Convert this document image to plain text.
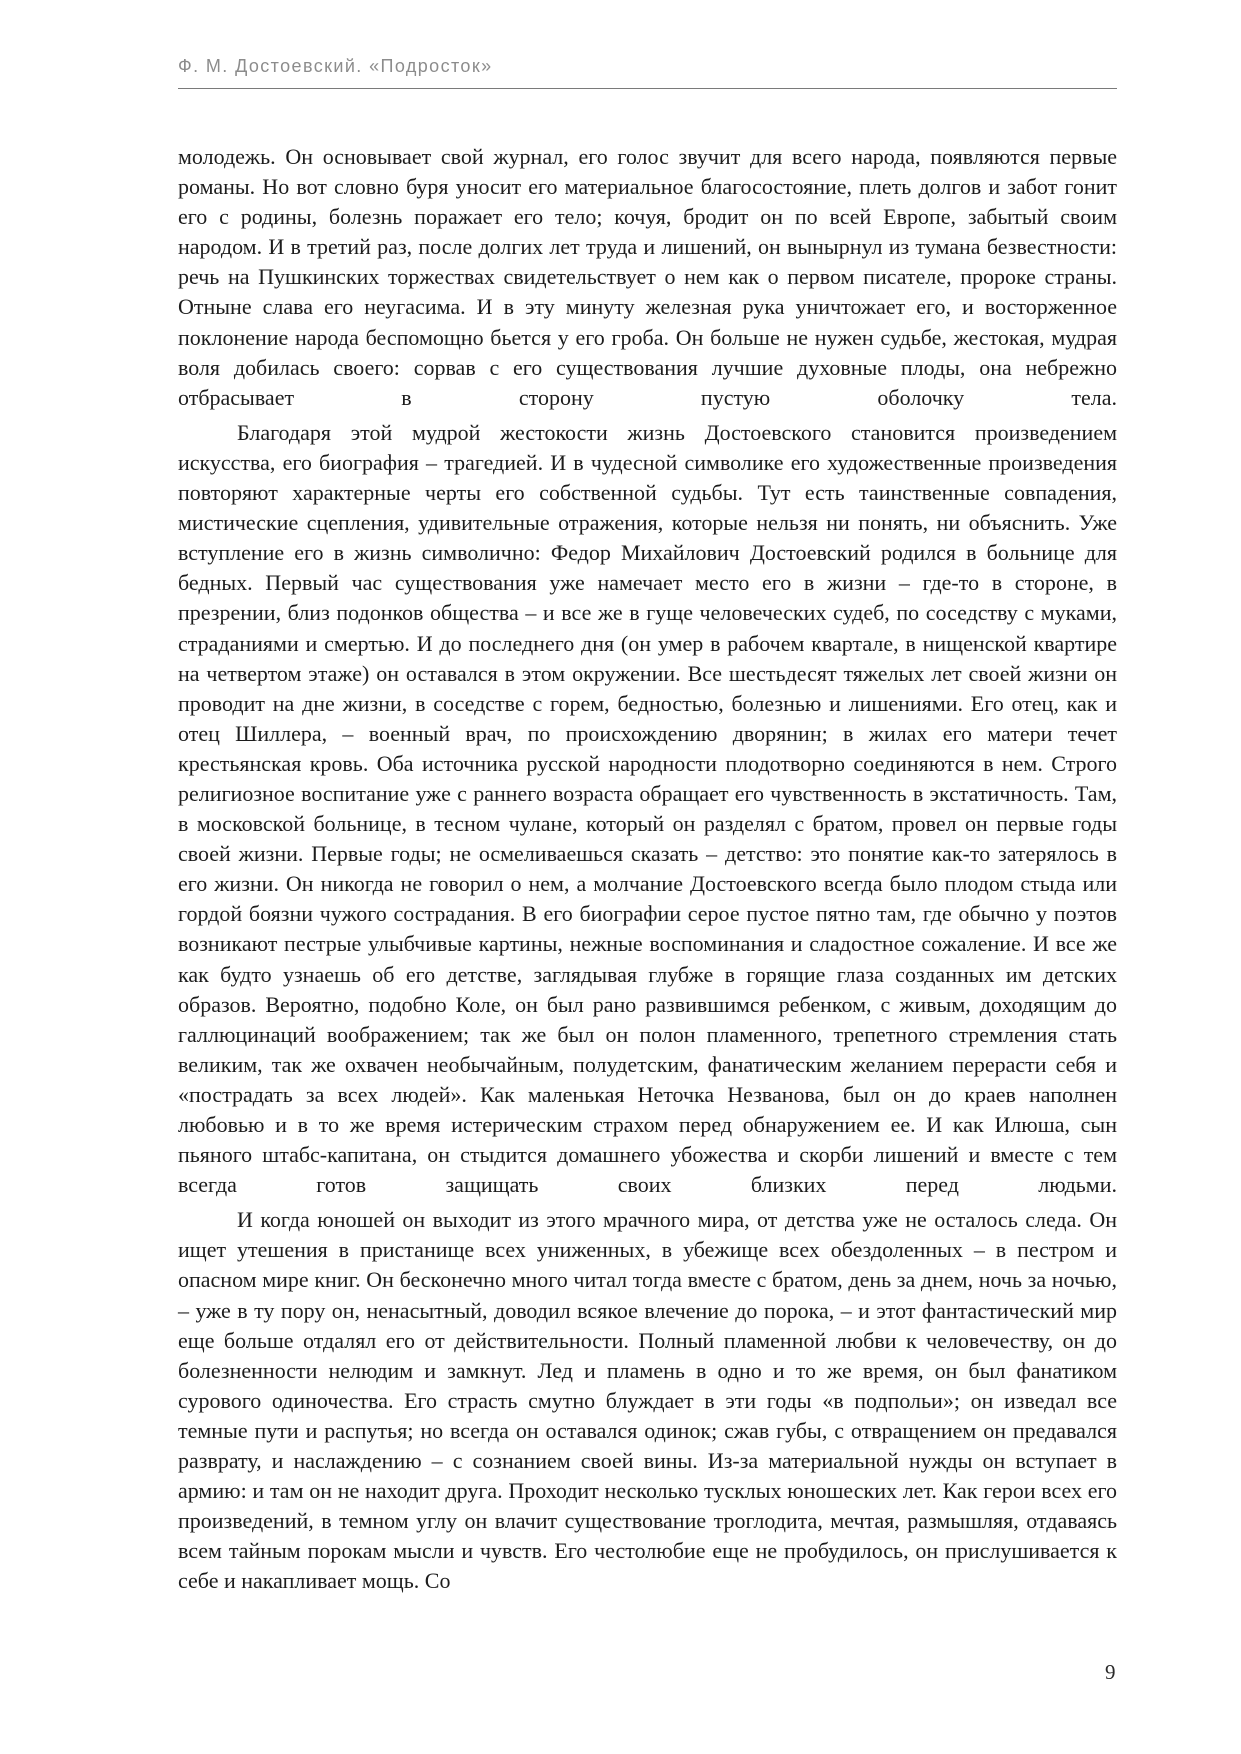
Ф. М. Достоевский. «Подросток»

молодежь. Он основывает свой журнал, его голос звучит для всего народа, появляются первые романы. Но вот словно буря уносит его материальное благосостояние, плеть долгов и забот гонит его с родины, болезнь поражает его тело; кочуя, бродит он по всей Европе, забытый своим народом. И в третий раз, после долгих лет труда и лишений, он вынырнул из тумана безвестности: речь на Пушкинских торжествах свидетельствует о нем как о первом писателе, пророке страны. Отныне слава его неугасима. И в эту минуту железная рука уничтожает его, и восторженное поклонение народа беспомощно бьется у его гроба. Он больше не нужен судьбе, жестокая, мудрая воля добилась своего: сорвав с его существования лучшие духовные плоды, она небрежно отбрасывает в сторону пустую оболочку тела.

Благодаря этой мудрой жестокости жизнь Достоевского становится произведением искусства, его биография – трагедией. И в чудесной символике его художественные произведения повторяют характерные черты его собственной судьбы. Тут есть таинственные совпадения, мистические сцепления, удивительные отражения, которые нельзя ни понять, ни объяснить. Уже вступление его в жизнь символично: Федор Михайлович Достоевский родился в больнице для бедных. Первый час существования уже намечает место его в жизни – где-то в стороне, в презрении, близ подонков общества – и все же в гуще человеческих судеб, по соседству с муками, страданиями и смертью. И до последнего дня (он умер в рабочем квартале, в нищенской квартире на четвертом этаже) он оставался в этом окружении. Все шестьдесят тяжелых лет своей жизни он проводит на дне жизни, в соседстве с горем, бедностью, болезнью и лишениями. Его отец, как и отец Шиллера, – военный врач, по происхождению дворянин; в жилах его матери течет крестьянская кровь. Оба источника русской народности плодотворно соединяются в нем. Строго религиозное воспитание уже с раннего возраста обращает его чувственность в экстатичность. Там, в московской больнице, в тесном чулане, который он разделял с братом, провел он первые годы своей жизни. Первые годы; не осмеливаешься сказать – детство: это понятие как-то затерялось в его жизни. Он никогда не говорил о нем, а молчание Достоевского всегда было плодом стыда или гордой боязни чужого сострадания. В его биографии серое пустое пятно там, где обычно у поэтов возникают пестрые улыбчивые картины, нежные воспоминания и сладостное сожаление. И все же как будто узнаешь об его детстве, заглядывая глубже в горящие глаза созданных им детских образов. Вероятно, подобно Коле, он был рано развившимся ребенком, с живым, доходящим до галлюцинаций воображением; так же был он полон пламенного, трепетного стремления стать великим, так же охвачен необычайным, полудетским, фанатическим желанием перерасти себя и «пострадать за всех людей». Как маленькая Неточка Незванова, был он до краев наполнен любовью и в то же время истерическим страхом перед обнаружением ее. И как Илюша, сын пьяного штабс-капитана, он стыдится домашнего убожества и скорби лишений и вместе с тем всегда готов защищать своих близких перед людьми.

И когда юношей он выходит из этого мрачного мира, от детства уже не осталось следа. Он ищет утешения в пристанище всех униженных, в убежище всех обездоленных – в пестром и опасном мире книг. Он бесконечно много читал тогда вместе с братом, день за днем, ночь за ночью, – уже в ту пору он, ненасытный, доводил всякое влечение до порока, – и этот фантастический мир еще больше отдалял его от действительности. Полный пламенной любви к человечеству, он до болезненности нелюдим и замкнут. Лед и пламень в одно и то же время, он был фанатиком сурового одиночества. Его страсть смутно блуждает в эти годы «в подпольи»; он изведал все темные пути и распутья; но всегда он оставался одинок; сжав губы, с отвращением он предавался разврату, и наслаждению – с сознанием своей вины. Из-за материальной нужды он вступает в армию: и там он не находит друга. Проходит несколько тусклых юношеских лет. Как герои всех его произведений, в темном углу он влачит существование троглодита, мечтая, размышляя, отдаваясь всем тайным порокам мысли и чувств. Его честолюбие еще не пробудилось, он прислушивается к себе и накапливает мощь. Со

9
